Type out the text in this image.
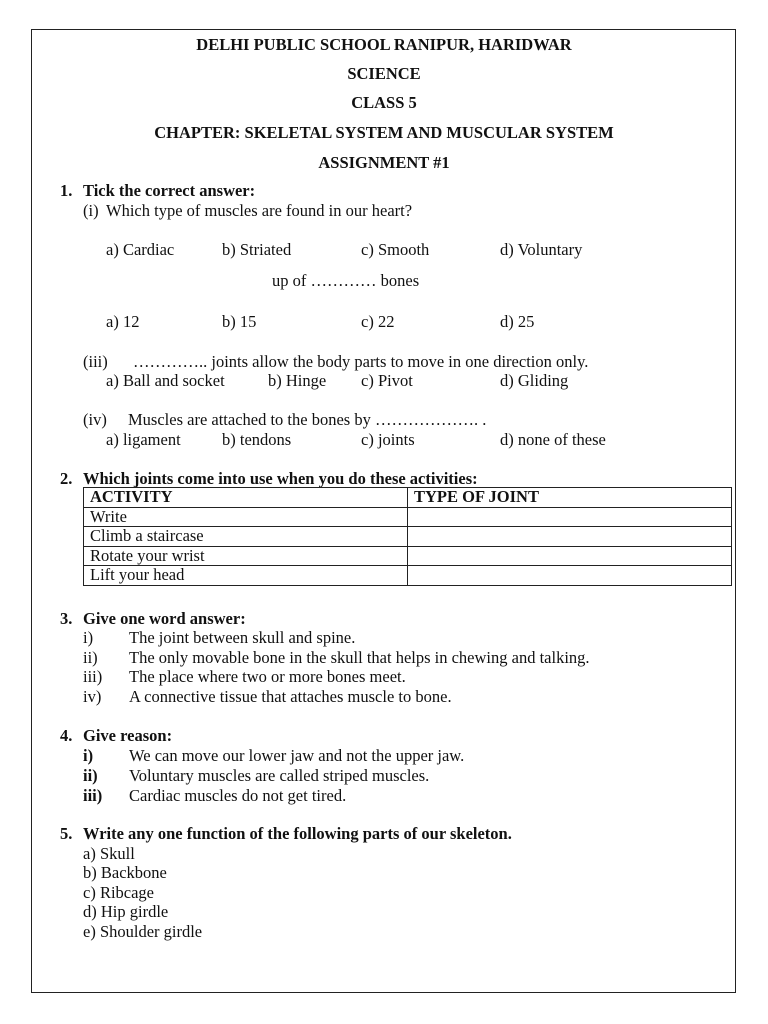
DELHI PUBLIC SCHOOL RANIPUR, HARIDWAR
SCIENCE
CLASS 5
CHAPTER: SKELETAL SYSTEM AND MUSCULAR SYSTEM
ASSIGNMENT #1
1. Tick the correct answer:
(i) Which type of muscles are found in our heart?
a) Cardiac	b) Striated	c) Smooth	d) Voluntary
up of ………… bones
a) 12	b) 15	c) 22	d) 25
(iii) ………….. joints allow the body parts to move in one direction only.
a) Ball and socket	b) Hinge c) Pivot	d) Gliding
(iv) Muscles are attached to the bones by ………………. .
a) ligament	b) tendons	c) joints	d) none of these
2. Which joints come into use when you do these activities:
ACTIVITY	TYPE OF JOINT
Write	
Climb a staircase	
Rotate your wrist	
Lift your head	
3. Give one word answer:
i) The joint between skull and spine.
ii) The only movable bone in the skull that helps in chewing and talking.
iii) The place where two or more bones meet.
iv) A connective tissue that attaches muscle to bone.
4. Give reason:
i) We can move our lower jaw and not the upper jaw.
ii) Voluntary muscles are called striped muscles.
iii) Cardiac muscles do not get tired.
5. Write any one function of the following parts of our skeleton.
a) Skull
b) Backbone
c) Ribcage
d) Hip girdle
e) Shoulder girdle
